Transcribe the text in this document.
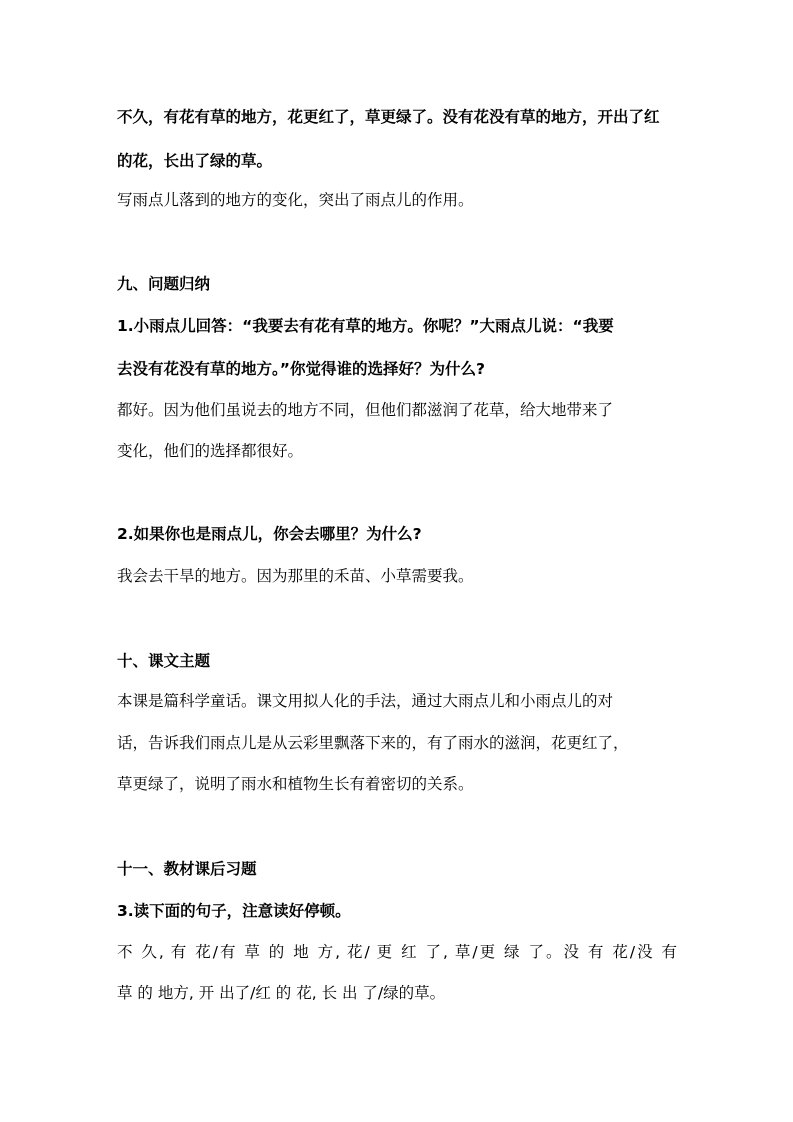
不久，有花有草的地方，花更红了，草更绿了。没有花没有草的地方，开出了红
的花，长出了绿的草。
写雨点儿落到的地方的变化，突出了雨点儿的作用。
九、问题归纳
1.小雨点儿回答：“我要去有花有草的地方。你呢？”大雨点儿说：“我要
去没有花没有草的地方。”你觉得谁的选择好？为什么?
都好。因为他们虽说去的地方不同，但他们都滋润了花草，给大地带来了
变化，他们的选择都很好。
2.如果你也是雨点儿，你会去哪里？为什么?
我会去干旱的地方。因为那里的禾苗、小草需要我。
十、课文主题
本课是篇科学童话。课文用拟人化的手法，通过大雨点儿和小雨点儿的对
话，告诉我们雨点儿是从云彩里飘落下来的，有了雨水的滋润，花更红了，
草更绿了，说明了雨水和植物生长有着密切的关系。
十一、教材课后习题
3.读下面的句子，注意读好停顿。
不 久, 有 花/有 草 的 地 方, 花/ 更 红 了, 草/更 绿 了。没 有 花/没 有
草 的 地方, 开 出了/红 的 花, 长 出 了/绿的草。
